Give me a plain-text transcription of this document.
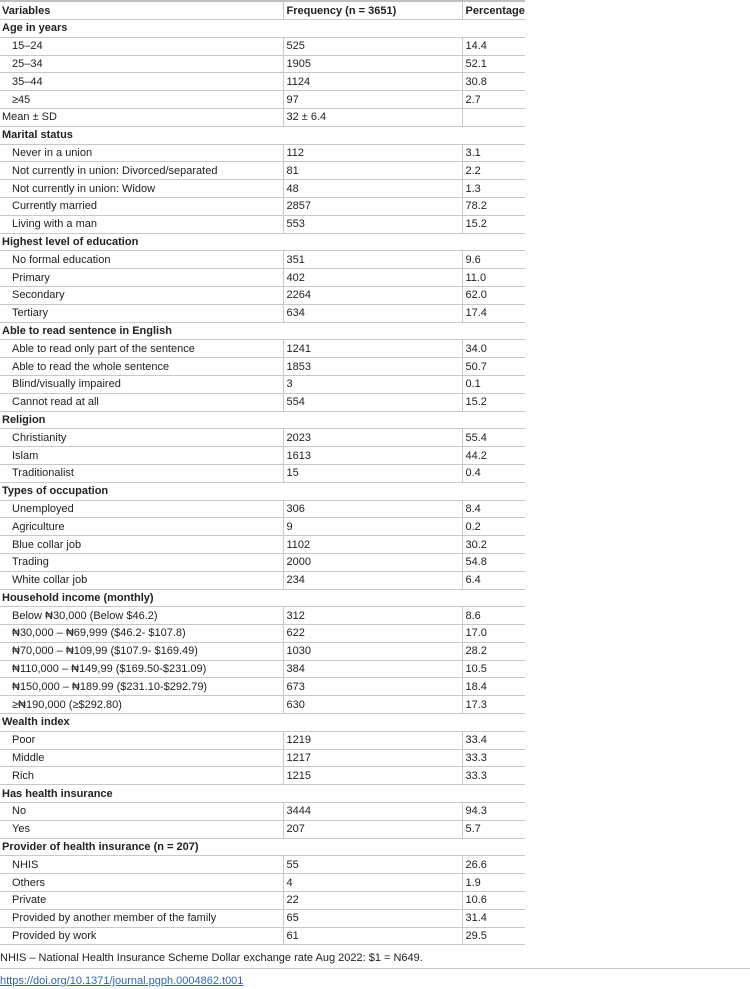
Variables	Frequency (n = 3651)	Percentage
Age in years		
15–24	525	14.4
25–34	1905	52.1
35–44	1124	30.8
≥45	97	2.7
Mean ± SD	32 ± 6.4	
Marital status		
Never in a union	112	3.1
Not currently in union: Divorced/separated	81	2.2
Not currently in union: Widow	48	1.3
Currently married	2857	78.2
Living with a man	553	15.2
Highest level of education		
No formal education	351	9.6
Primary	402	11.0
Secondary	2264	62.0
Tertiary	634	17.4
Able to read sentence in English		
Able to read only part of the sentence	1241	34.0
Able to read the whole sentence	1853	50.7
Blind/visually impaired	3	0.1
Cannot read at all	554	15.2
Religion		
Christianity	2023	55.4
Islam	1613	44.2
Traditionalist	15	0.4
Types of occupation		
Unemployed	306	8.4
Agriculture	9	0.2
Blue collar job	1102	30.2
Trading	2000	54.8
White collar job	234	6.4
Household income (monthly)		
Below ₦30,000 (Below $46.2)	312	8.6
₦30,000 – ₦69,999 ($46.2- $107.8)	622	17.0
₦70,000 – ₦109,99 ($107.9- $169.49)	1030	28.2
₦110,000 – ₦149,99 ($169.50-$231.09)	384	10.5
₦150,000 – ₦189.99 ($231.10-$292.79)	673	18.4
≥₦190,000 (≥$292.80)	630	17.3
Wealth index		
Poor	1219	33.4
Middle	1217	33.3
Rich	1215	33.3
Has health insurance		
No	3444	94.3
Yes	207	5.7
Provider of health insurance (n = 207)		
NHIS	55	26.6
Others	4	1.9
Private	22	10.6
Provided by another member of the family	65	31.4
Provided by work	61	29.5
NHIS – National Health Insurance Scheme Dollar exchange rate Aug 2022: $1 = N649.
https://doi.org/10.1371/journal.pgph.0004862.t001
